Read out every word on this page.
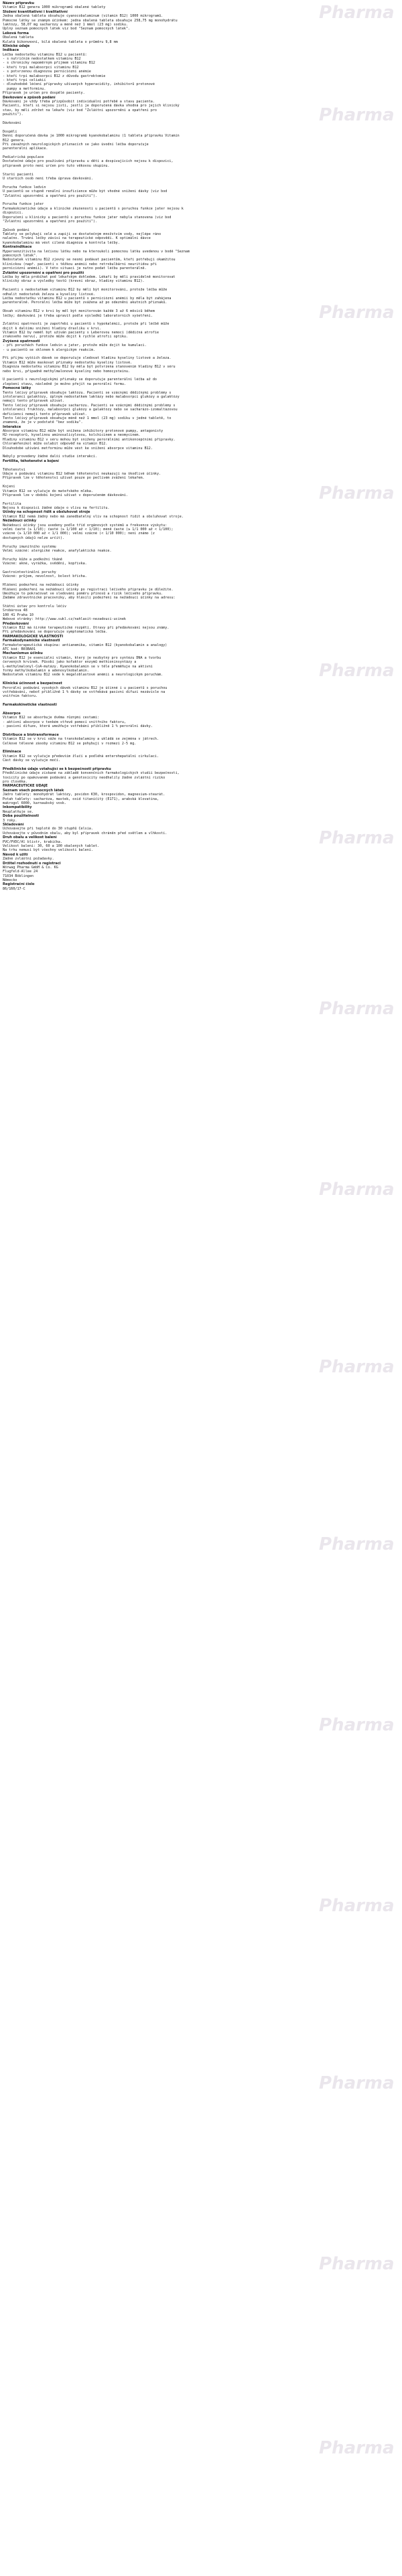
Název přípravku
Vitamin B12 genera 1000 mikrogramů obalené tablety
Složení kvantitativní i kvalitativní
Jedna obalená tableta obsahuje cyanocobalaminum (vitamin B12) 1000 mikrogramů.
Pomocné látky se známým účinkem: jedna obalená tableta obsahuje 258,75 mg monohydrátu
laktózy, 58,07 mg sacharózy a méně než 1 mmol (23 mg) sodíku.
Úplný seznam pomocných látek viz bod "Seznam pomocných látek".
Léková forma
Obalená tableta
Kulatá bikonvexní, bílá obalená tableta o průměru 9,8 mm
Klinické údaje
Indikace
Léčba nedostatku vitaminu B12 u pacientů:
- s nutričním nedostatkem vitaminu B12
- s chronicky nepoměrným příjmem vitaminu B12
- kteří trpí malabsorpcí vitaminu B12
- s potvrzenou diagnózou perniciózní anémie
- kteří trpí malabsorpcí B12 z důvodu gastrektomie
- kteří trpí celiakií
- dlouhodobě léčení přípravky užívaných hyperacidity, inhibitorů protonové
pumpy a metforminu.
Přípravek je určen pro dospělé pacienty.
Dávkování a způsob podání
Dávkování je vždy třeba přizpůsobit individuální potřebě a stavu pacienta.
Pacienti, kteří si nejsou jisti, jestli je doporučená dávka vhodná pro jejich klinický
stav, by měli zdržet na lékaře (viz bod "Zvláštní upozornění a opatření pro
použití").
Dávkování
Dospělí
Denní doporučená dávka je 1000 mikrogramů kyanokobalaminu (1 tableta přípravku Vitamin
B12 genera.
Při závažných neurologických příznacích se jako úvodní léčba doporučuje
parenterální aplikace.
Pediatrická populace
Dostatečné údaje pro používání přípravku u dětí a dospívajících nejsou k dispozici,
přípravek proto není určen pro tuto věkovou skupinu.
Starší pacienti
U starších osob není třeba úprava dávkování.
Porucha funkce ledvin
U pacientů se stupně renální insuficience může být vhodné snížení dávky (viz bod
"Zvláštní upozornění a opatření pro použití").
Porucha funkce jater
Farmakokinetické údaje a klinické zkušenosti u pacientů s poruchou funkce jater nejsou k
dispozici.
Doporučení u klinicky u pacientů s poruchou funkce jater nebyla stanovena (viz bod
"Zvláštní upozornění a opatření pro použití").
Způsob podání
Tablety se polykají celé a zapijí se dostatečným množstvím vody, nejlépe ráno
nalačno. Trvání léčby závisí na terapeutické odpovědi. K optimální dávce
kyanokobalaminu má vést cílená diagnóza a kontrola léčby.
Kontraindikace
Hypersenzitivita na léčivou látku nebo na kteroukoli pomocnou látku uvedenou v bodě "Seznam
pomocných látek".
Nedostatek vitaminu B12 zjevný se nesmí podávat pacientům, kteří potřebují okamžitou
klinickou (např. pacienti s těžkou anémií nebo retrobulbární neuritidou při
perniciózní anémii). V této situaci je nutno podat léčbu parenterálně.
Zvláštní upozornění a opatření pro použití
Léčba by měla probíhat pod lékařským dohledem. Lékaři by měli pravidelně monitorovat
klinický obraz a výsledky testů (krevní obraz, hladiny vitaminu B12).
Pacienti s nedostatkem vitaminu B12 by měli být monitorováni, protože léčba může
odhalit nedostatek železa a kyseliny listové.
Léčba nedostatku vitaminu B12 u pacientů s perniciózní anémií by měla být zahájena
parenterálně. Perorální léčba může být zvážena až po odeznění akutních příznaků.
Obsah vitaminu B12 v krvi by měl být monitorován každé 3 až 6 měsíců během
léčby; dávkování je třeba upravit podle výsledků laboratorních vyšetření.
Zvláštní opatrnosti je zapotřebí u pacientů s hypokalémií, protože při léčbě může
dojít k dalšímu snížení hladiny draslíku v krvi.
Vitamin B12 by neměl být užíván pacienty s Leberovou nemocí (dědičná atrofie
zrakového nervu), protože může dojít k rychlé atrofii optiku.
Zvýšené opatrnosti
- při poruchách funkce ledvin a jater, protože může dojít ke kumulaci.
- u pacientů se sklonem k alergickým reakcím.
Při příjmu vyšších dávek se doporučuje sledovat hladinu kyseliny listové a železa.
Vitamin B12 může maskovat příznaky nedostatku kyseliny listové.
Diagnóza nedostatku vitaminu B12 by měla být potvrzena stanovením hladiny B12 v séru
nebo krvi, případně methylmalonové kyseliny nebo homocysteinu.
U pacientů s neurologickými příznaky se doporučuje parenterální léčba až do
zlepšení stavu, následně je možno přejít na perorální formu.
Pomocné látky
Tento léčivý přípravek obsahuje laktózu. Pacienti se vzácnými dědičnými problémy s
intolerancí galaktózy, úplným nedostatkem laktázy nebo malabsorpcí glukózy a galaktózy
nemají tento přípravek užívat.
Tento léčivý přípravek obsahuje sacharózu. Pacienti se vzácnými dědičnými problémy s
intolerancí fruktózy, malabsorpcí glukózy a galaktózy nebo se sacharázo-izomaltázovou
deficiencí nemají tento přípravek užívat.
Tento léčivý přípravek obsahuje méně než 1 mmol (23 mg) sodíku v jedné tabletě, to
znamená, že je v podstatě "bez sodíku".
Interakce
Absorpce vitaminu B12 může být snížena inhibitory protonové pumpy, antagonisty
H2-receptorů, kyselinou aminosalicylovou, kolchicinem a neomycinem.
Hladiny vitaminu B12 v séru mohou být sníženy perorálními antikoncepčními přípravky.
Chloramfenikol může oslabit odpověď na vitamin B12.
Dlouhodobé užívání metforminu může vést ke snížení absorpce vitaminu B12.
Nebyly provedeny žádné další studie interakcí.
Fertilita, těhotenství a kojení
Těhotenství
Údaje o podávání vitaminu B12 během těhotenství neukazují na škodlivé účinky.
Přípravek lze v těhotenství užívat pouze po pečlivém zvážení lékařem.
Kojení
Vitamin B12 se vylučuje do mateřského mléka.
Přípravek lze v období kojení užívat v doporučeném dávkování.
Fertilita
Nejsou k dispozici žádné údaje o vlivu na fertilitu.
Účinky na schopnost řídit a obsluhovat stroje
Vitamin B12 nemá žádný nebo má zanedbatelný vliv na schopnost řídit a obsluhovat stroje.
Nežádoucí účinky
Nežádoucí účinky jsou uvedeny podle tříd orgánových systémů a frekvence výskytu:
velmi časté (≥ 1/10); časté (≥ 1/100 až < 1/10); méně časté (≥ 1/1 000 až < 1/100);
vzácné (≥ 1/10 000 až < 1/1 000); velmi vzácné (< 1/10 000); není známo (z
dostupných údajů nelze určit).
Poruchy imunitního systému
Velmi vzácné: alergické reakce, anafylaktická reakce.
Poruchy kůže a podkožní tkáně
Vzácné: akné, vyrážka, svědění, kopřivka.
Gastrointestinální poruchy
Vzácné: průjem, nevolnost, bolest břicha.
Hlášení podezření na nežádoucí účinky
Hlášení podezření na nežádoucí účinky po registraci léčivého přípravku je důležité.
Umožňuje to pokračovat ve sledování poměru přínosů a rizik léčivého přípravku.
Žádáme zdravotnické pracovníky, aby hlásili podezření na nežádoucí účinky na adresu:
Státní ústav pro kontrolu léčiv
Šrobárova 48
100 41 Praha 10
Webové stránky: http://www.sukl.cz/nahlasit-nezadouci-ucinek
Předávkování
Vitamin B12 má široké terapeutické rozpětí. Otravy při předávkování nejsou známy.
Při předávkování se doporučuje symptomatická léčba.
FARMAKOLOGICKÉ VLASTNOSTI
Farmakodynamické vlastnosti
Farmakoterapeutická skupina: antianemika, vitamin B12 (kyanokobalamin a analogy)
ATC kód: B03BA01
Mechanismus účinku
Vitamin B12 je esenciální vitamin, který je nezbytný pro syntézu DNA a tvorbu
červených krvinek. Působí jako kofaktor enzymů methioninsyntázy a
L-methylmalonyl-CoA-mutázy. Kyanokobalamin se v těle přeměňuje na aktivní
formy methylkobalamin a adenosylkobalamin.
Nedostatek vitaminu B12 vede k megaloblastové anémii a neurologickým poruchám.
Klinická účinnost a bezpečnost
Perorální podávání vysokých dávek vitaminu B12 je účinné i u pacientů s poruchou
vstřebávání, neboť přibližně 1 % dávky se vstřebává pasivní difuzí nezávisle na
vnitřním faktoru.
Farmakokinetické vlastnosti
Absorpce
Vitamin B12 se absorbuje dvěma různými cestami:
- aktivní absorpce v tenkém střevě pomocí vnitřního faktoru,
- pasivní difuze, která umožňuje vstřebání přibližně 1 % perorální dávky.
Distribuce a biotransformace
Vitamin B12 se v krvi váže na transkobalaminy a ukládá se zejména v játrech.
Celkové tělesné zásoby vitaminu B12 se pohybují v rozmezí 2-5 mg.
Eliminace
Vitamin B12 se vylučuje především žlučí a podléhá enterohepatální cirkulaci.
Část dávky se vylučuje močí.
Předklinické údaje vztahující se k bezpečnosti přípravku
Předklinické údaje získané na základě konvenčních farmakologických studií bezpečnosti,
toxicity po opakovaném podávání a genotoxicity neodhalily žádné zvláštní riziko
pro člověka.
FARMACEUTICKÉ ÚDAJE
Seznam všech pomocných látek
Jádro tablety: monohydrát laktózy, povidon K30, krospovidon, magnesium-stearát.
Potah tablety: sacharóza, mastek, oxid titaničitý (E171), arabská klovatina,
makrogol 6000, karnaubský vosk.
Inkompatibility
Neuplatňuje se.
Doba použitelnosti
3 roky.
Skladování
Uchovávejte při teplotě do 30 stupňů Celsia.
Uchovávejte v původním obalu, aby byl přípravek chráněn před světlem a vlhkostí.
Druh obalu a velikost balení
PVC/PVDC/Al blistr, krabička.
Velikost balení: 30, 60 a 100 obalených tablet.
Na trhu nemusí být všechny velikosti balení.
Návod k užití
Žádné zvláštní požadavky.
Držitel rozhodnutí o registraci
Wörwag Pharma GmbH & Co. KG
Flugfeld-Allee 24
71034 Böblingen
Německo
Registrační číslo
86/160/17-C
Pharma
Pharma
Pharma
Pharma
Pharma
Pharma
Pharma
Pharma
Pharma
Pharma
Pharma
Pharma
Pharma
Pharma
Pharma
